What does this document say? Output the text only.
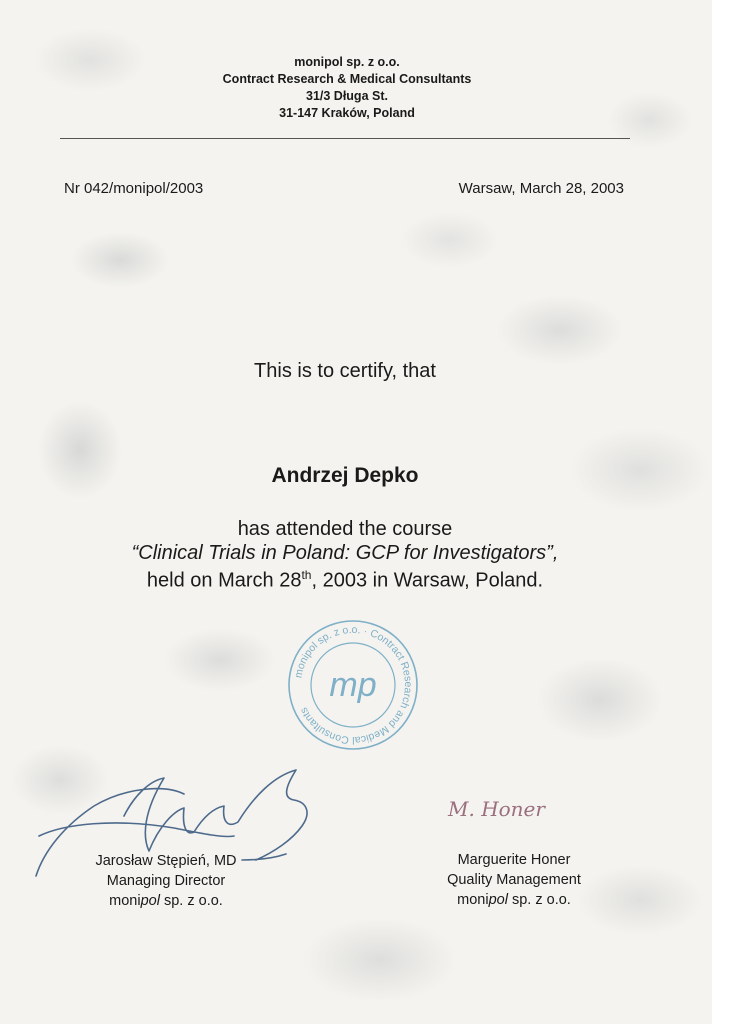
monipol sp. z o.o.
Contract Research & Medical Consultants
31/3 Długa St.
31-147 Kraków, Poland
Nr 042/monipol/2003	Warsaw, March 28, 2003
This is to certify, that
Andrzej Depko
has attended the course
“Clinical Trials in Poland: GCP for Investigators”,
held on March 28th, 2003 in Warsaw, Poland.
monipol sp. z o.o. · Contract Research and Medical Consultants
mp
M. Honer
Jarosław Stępień, MD
Managing Director
monipol sp. z o.o.
Marguerite Honer
Quality Management
monipol sp. z o.o.
